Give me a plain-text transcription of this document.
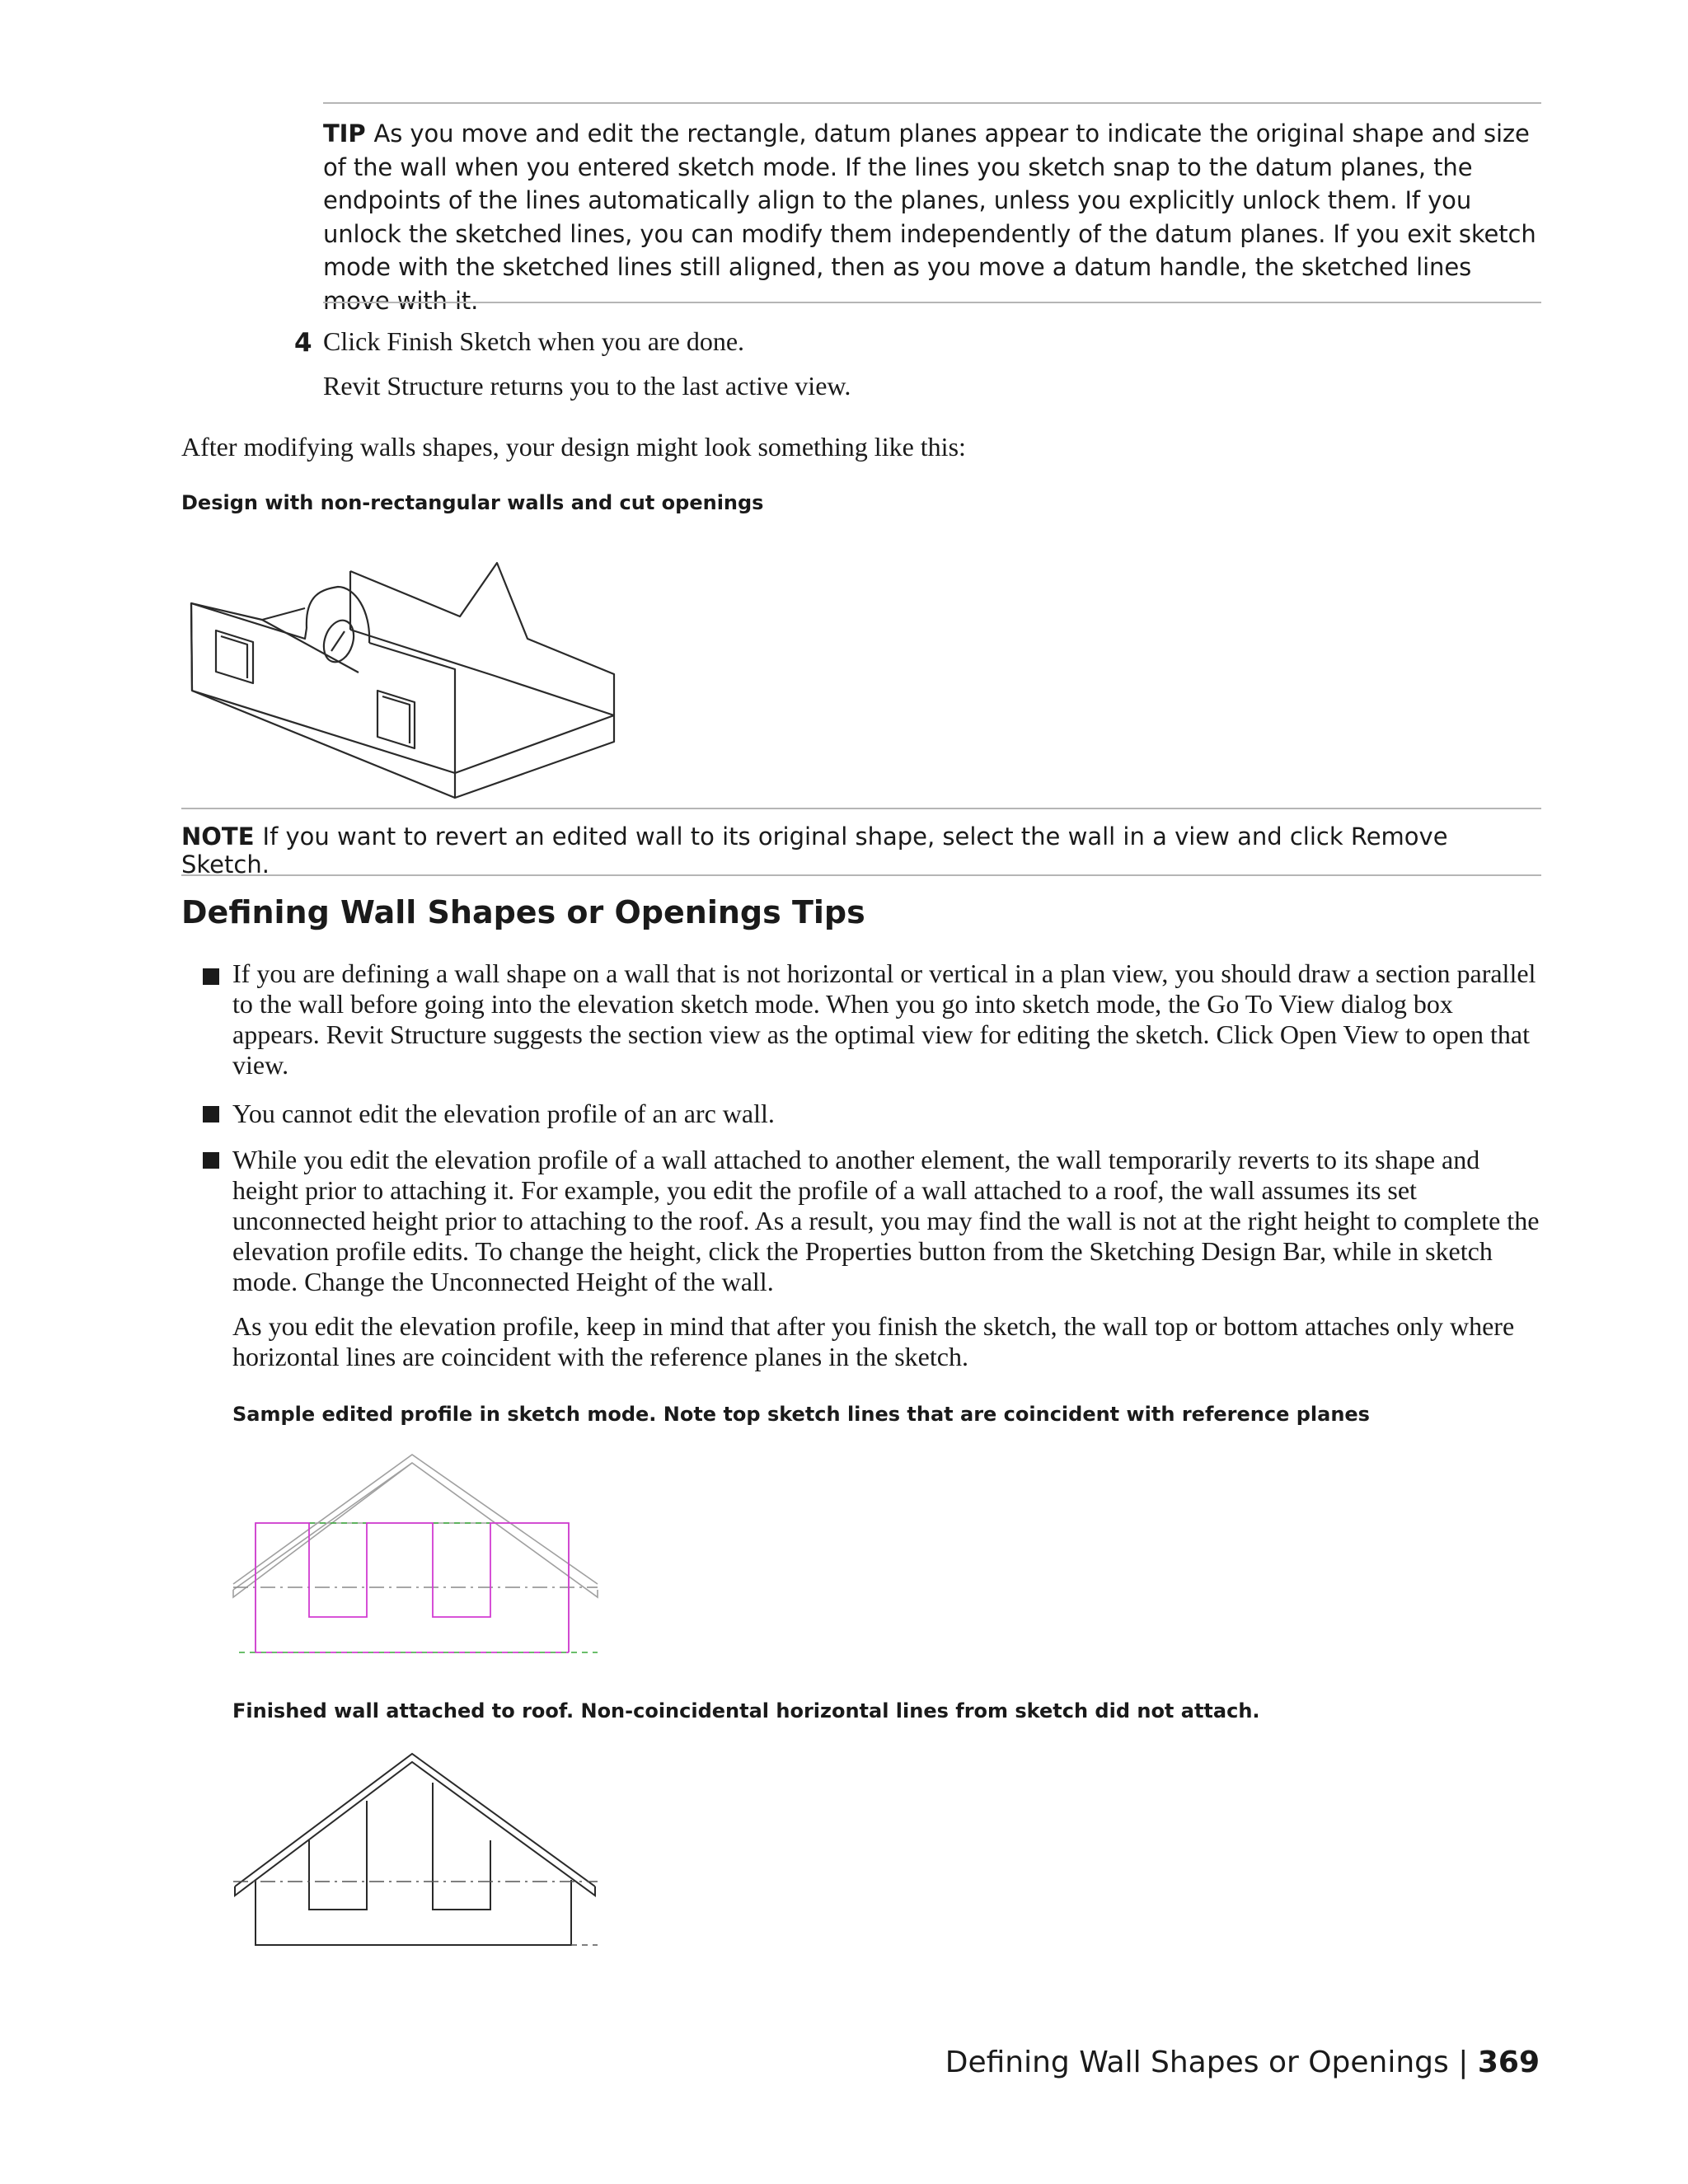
TIP As you move and edit the rectangle, datum planes appear to indicate the original shape and size of the wall when you entered sketch mode. If the lines you sketch snap to the datum planes, the endpoints of the lines automatically align to the planes, unless you explicitly unlock them. If you unlock the sketched lines, you can modify them independently of the datum planes. If you exit sketch mode with the sketched lines still aligned, then as you move a datum handle, the sketched lines move with it.
4 Click Finish Sketch when you are done.
Revit Structure returns you to the last active view.
After modifying walls shapes, your design might look something like this:
Design with non-rectangular walls and cut openings
NOTE If you want to revert an edited wall to its original shape, select the wall in a view and click Remove Sketch.
Defining Wall Shapes or Openings Tips
If you are defining a wall shape on a wall that is not horizontal or vertical in a plan view, you should draw a section parallel to the wall before going into the elevation sketch mode. When you go into sketch mode, the Go To View dialog box appears. Revit Structure suggests the section view as the optimal view for editing the sketch. Click Open View to open that view.
You cannot edit the elevation profile of an arc wall.
While you edit the elevation profile of a wall attached to another element, the wall temporarily reverts to its shape and height prior to attaching it. For example, you edit the profile of a wall attached to a roof, the wall assumes its set unconnected height prior to attaching to the roof. As a result, you may find the wall is not at the right height to complete the elevation profile edits. To change the height, click the Properties button from the Sketching Design Bar, while in sketch mode. Change the Unconnected Height of the wall.
As you edit the elevation profile, keep in mind that after you finish the sketch, the wall top or bottom attaches only where horizontal lines are coincident with the reference planes in the sketch.
Sample edited profile in sketch mode. Note top sketch lines that are coincident with reference planes
Finished wall attached to roof. Non-coincidental horizontal lines from sketch did not attach.
Defining Wall Shapes or Openings | 369
